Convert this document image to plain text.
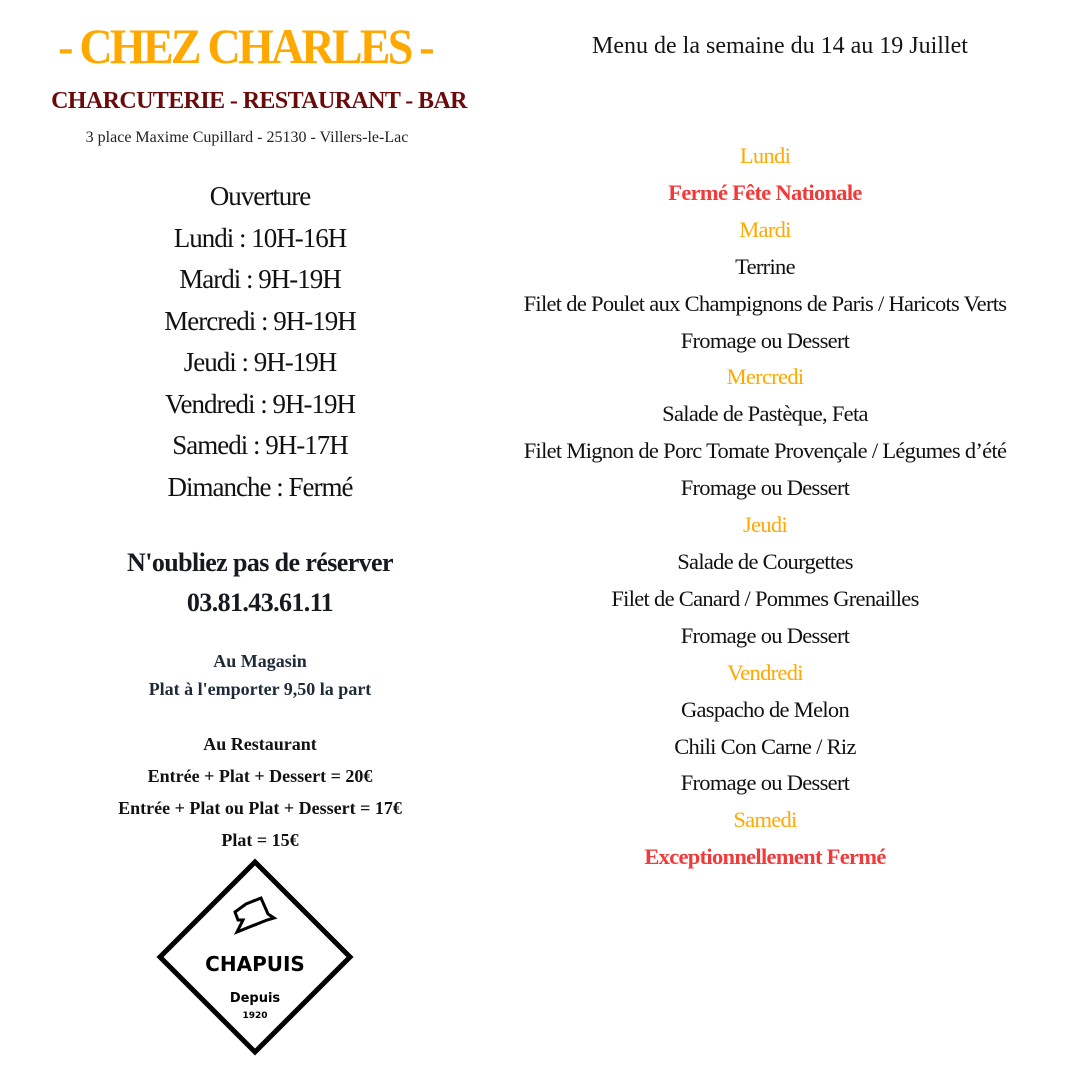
- CHEZ CHARLES -
CHARCUTERIE - RESTAURANT - BAR
3 place Maxime Cupillard - 25130 - Villers-le-Lac
Menu de la semaine du 14 au 19 Juillet
Ouverture
Lundi : 10H-16H
Mardi : 9H-19H
Mercredi : 9H-19H
Jeudi : 9H-19H
Vendredi : 9H-19H
Samedi : 9H-17H
Dimanche : Fermé
N'oubliez pas de réserver
03.81.43.61.11
Au Magasin
Plat à l'emporter 9,50 la part
Au Restaurant
Entrée + Plat + Dessert = 20€
Entrée + Plat ou Plat + Dessert = 17€
Plat = 15€
CHAPUIS
Depuis
1920
Lundi
Fermé Fête Nationale
Mardi
Terrine
Filet de Poulet aux Champignons de Paris / Haricots Verts
Fromage ou Dessert
Mercredi
Salade de Pastèque, Feta
Filet Mignon de Porc Tomate Provençale / Légumes d’été
Fromage ou Dessert
Jeudi
Salade de Courgettes
Filet de Canard / Pommes Grenailles
Fromage ou Dessert
Vendredi
Gaspacho de Melon
Chili Con Carne / Riz
Fromage ou Dessert
Samedi
Exceptionnellement Fermé
